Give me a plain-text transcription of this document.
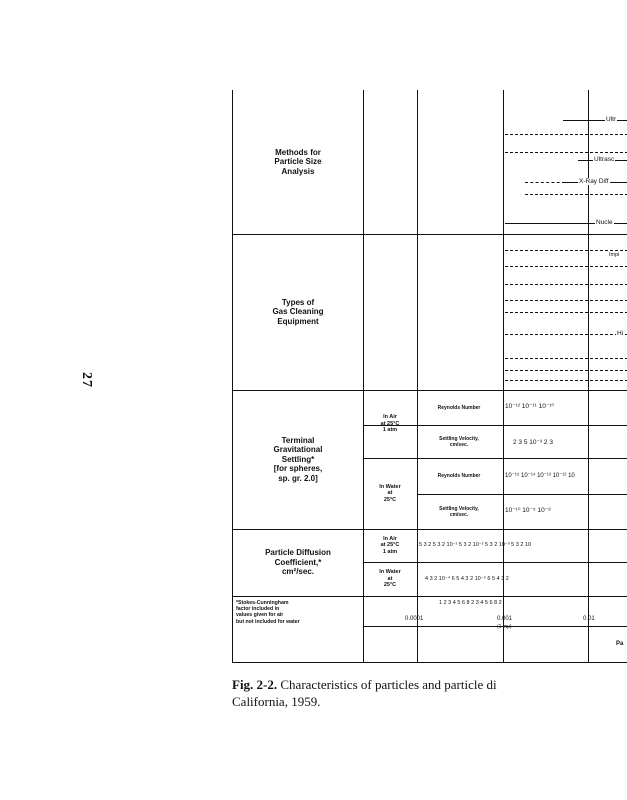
27
Methods for
Particle Size
Analysis
Types of
Gas Cleaning
Equipment
Terminal
Gravitational
Settling*
[for spheres,
sp. gr. 2.0]
Particle Diffusion
Coefficient,*
cm²/sec.
In Air
at 25°C
1 atm
In Water
at
25°C
In Air
at 25°C
1 atm
In Water
at
25°C
Reynolds Number
Settling Velocity,
cm/sec.
Reynolds Number
Settling Velocity,
cm/sec.
Ultr
Ultrasc
X-Ray Diff
Nucle
Impi
Hi
10⁻¹² 10⁻¹¹ 10⁻¹⁰
2 3 5 10⁻³ 2 3
10⁻¹⁵ 10⁻¹⁴ 10⁻¹³ 10⁻¹² 10
10⁻¹⁰ 10⁻⁹ 10⁻⁸
5 3 2 5 3 2 10⁻¹ 5 3 2 10⁻² 5 3 2 10⁻³ 5 3 2 10
4 3 2 10⁻⁴ 6 5 4 3 2 10⁻⁵ 6 5 4 3 2
1 2 3 4 5 6 8 2 3 4 5 6 8 2
*Stokes-Cunningham
factor included in
values given for air
but not included for water	0.0001	0.001
(1 mμ)
0.01
Pa
Fig. 2-2. Characteristics of particles and particle di
California, 1959.
